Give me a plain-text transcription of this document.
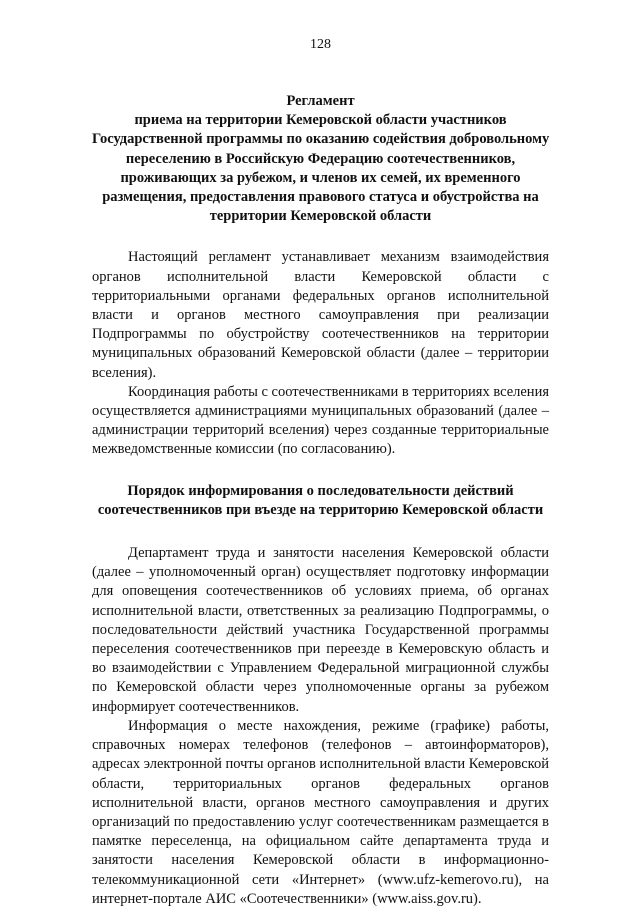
128
Регламент
приема на территории Кемеровской области участников
Государственной программы по оказанию содействия добровольному
переселению в Российскую Федерацию соотечественников,
проживающих за рубежом, и членов их семей, их временного
размещения, предоставления правового статуса и обустройства на
территории Кемеровской области

Настоящий регламент устанавливает механизм взаимодействия органов исполнительной власти Кемеровской области с территориальными органами федеральных органов исполнительной власти и органов местного самоуправления при реализации Подпрограммы по обустройству соотечественников на территории муниципальных образований Кемеровской области (далее – территории вселения).

Координация работы с соотечественниками в территориях вселения осуществляется администрациями муниципальных образований (далее – администрации территорий вселения) через созданные территориальные межведомственные комиссии (по согласованию).

Порядок информирования о последовательности действий
соотечественников при въезде на территорию Кемеровской области

Департамент труда и занятости населения Кемеровской области (далее – уполномоченный орган) осуществляет подготовку информации для оповещения соотечественников об условиях приема, об органах исполнительной власти, ответственных за реализацию Подпрограммы, о последовательности действий участника Государственной программы переселения соотечественников при переезде в Кемеровскую область и во взаимодействии с Управлением Федеральной миграционной службы по Кемеровской области через уполномоченные органы за рубежом информирует соотечественников.

Информация о месте нахождения, режиме (графике) работы, справочных номерах телефонов (телефонов – автоинформаторов), адресах электронной почты органов исполнительной власти Кемеровской области, территориальных органов федеральных органов исполнительной власти, органов местного самоуправления и других организаций по предоставлению услуг соотечественникам размещается в памятке переселенца, на официальном сайте департамента труда и занятости населения Кемеровской области в информационно-телекоммуникационной сети «Интернет» (www.ufz-kemerovo.ru), на интернет-портале АИС «Соотечественники» (www.aiss.gov.ru).
